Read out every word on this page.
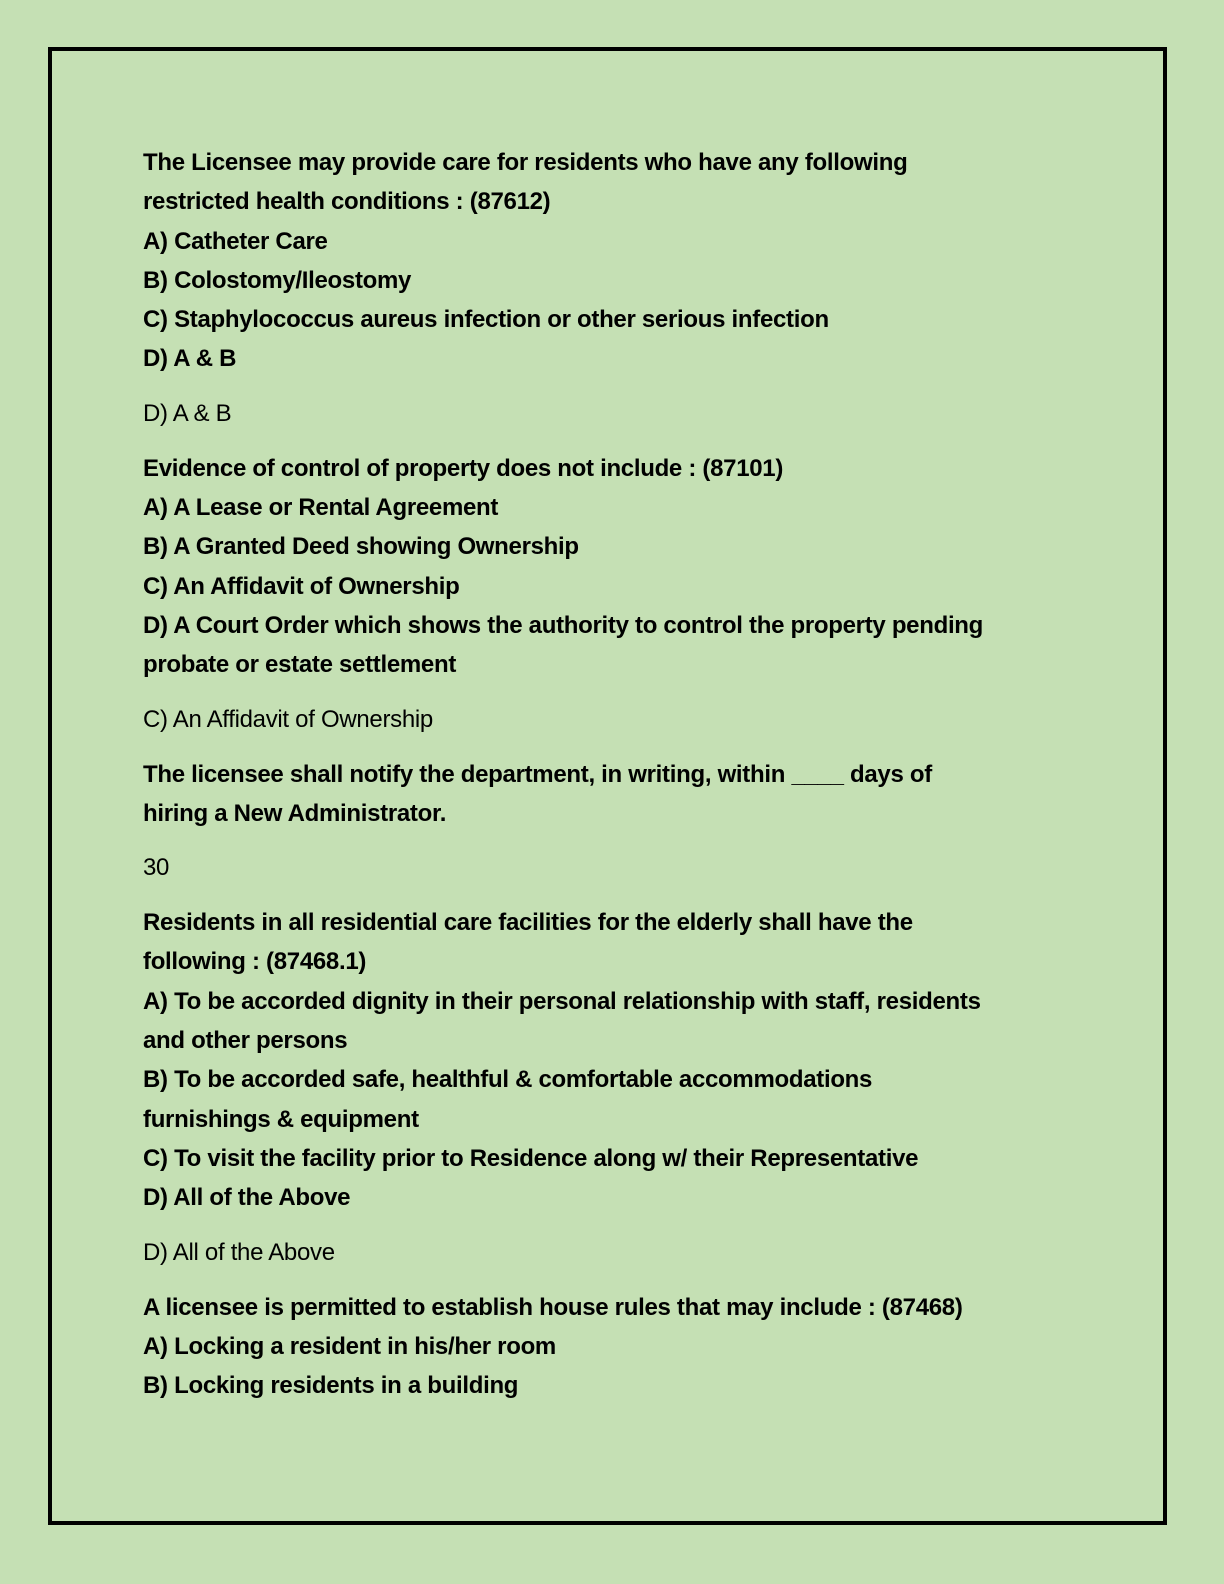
The Licensee may provide care for residents who have any following
restricted health conditions : (87612)
A) Catheter Care
B) Colostomy/Ileostomy
C) Staphylococcus aureus infection or other serious infection
D) A & B
D) A & B
Evidence of control of property does not include : (87101)
A) A Lease or Rental Agreement
B) A Granted Deed showing Ownership
C) An Affidavit of Ownership
D) A Court Order which shows the authority to control the property pending
probate or estate settlement
C) An Affidavit of Ownership
The licensee shall notify the department, in writing, within ____ days of
hiring a New Administrator.
30
Residents in all residential care facilities for the elderly shall have the
following : (87468.1)
A) To be accorded dignity in their personal relationship with staff, residents
and other persons
B) To be accorded safe, healthful & comfortable accommodations
furnishings & equipment
C) To visit the facility prior to Residence along w/ their Representative
D) All of the Above
D) All of the Above
A licensee is permitted to establish house rules that may include : (87468)
A) Locking a resident in his/her room
B) Locking residents in a building
